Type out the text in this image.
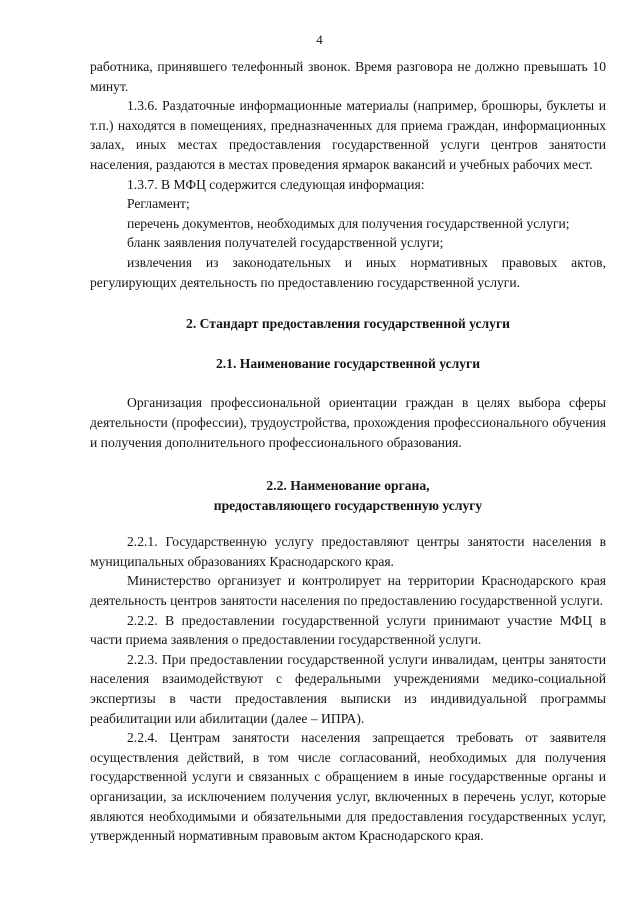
4

работника, принявшего телефонный звонок. Время разговора не должно превышать 10 минут.

1.3.6. Раздаточные информационные материалы (например, брошюры, буклеты и т.п.) находятся в помещениях, предназначенных для приема граждан, информационных залах, иных местах предоставления государственной услуги центров занятости населения, раздаются в местах проведения ярмарок вакансий и учебных рабочих мест.

1.3.7. В МФЦ содержится следующая информация:

Регламент;

перечень документов, необходимых для получения государственной услуги;

бланк заявления получателей государственной услуги;

извлечения из законодательных и иных нормативных правовых актов, регулирующих деятельность по предоставлению государственной услуги.

2. Стандарт предоставления государственной услуги
2.1. Наименование государственной услуги

Организация профессиональной ориентации граждан в целях выбора сферы деятельности (профессии), трудоустройства, прохождения профессионального обучения и получения дополнительного профессионального образования.

2.2. Наименование органа,
предоставляющего государственную услугу

2.2.1. Государственную услугу предоставляют центры занятости населения в муниципальных образованиях Краснодарского края.

Министерство организует и контролирует на территории Краснодарского края деятельность центров занятости населения по предоставлению государственной услуги.

2.2.2. В предоставлении государственной услуги принимают участие МФЦ в части приема заявления о предоставлении государственной услуги.

2.2.3. При предоставлении государственной услуги инвалидам, центры занятости населения взаимодействуют с федеральными учреждениями медико-социальной экспертизы в части предоставления выписки из индивидуальной программы реабилитации или абилитации (далее – ИПРА).

2.2.4. Центрам занятости населения запрещается требовать от заявителя осуществления действий, в том числе согласований, необходимых для получения государственной услуги и связанных с обращением в иные государственные органы и организации, за исключением получения услуг, включенных в перечень услуг, которые являются необходимыми и обязательными для предоставления государственных услуг, утвержденный нормативным правовым актом Краснодарского края.
